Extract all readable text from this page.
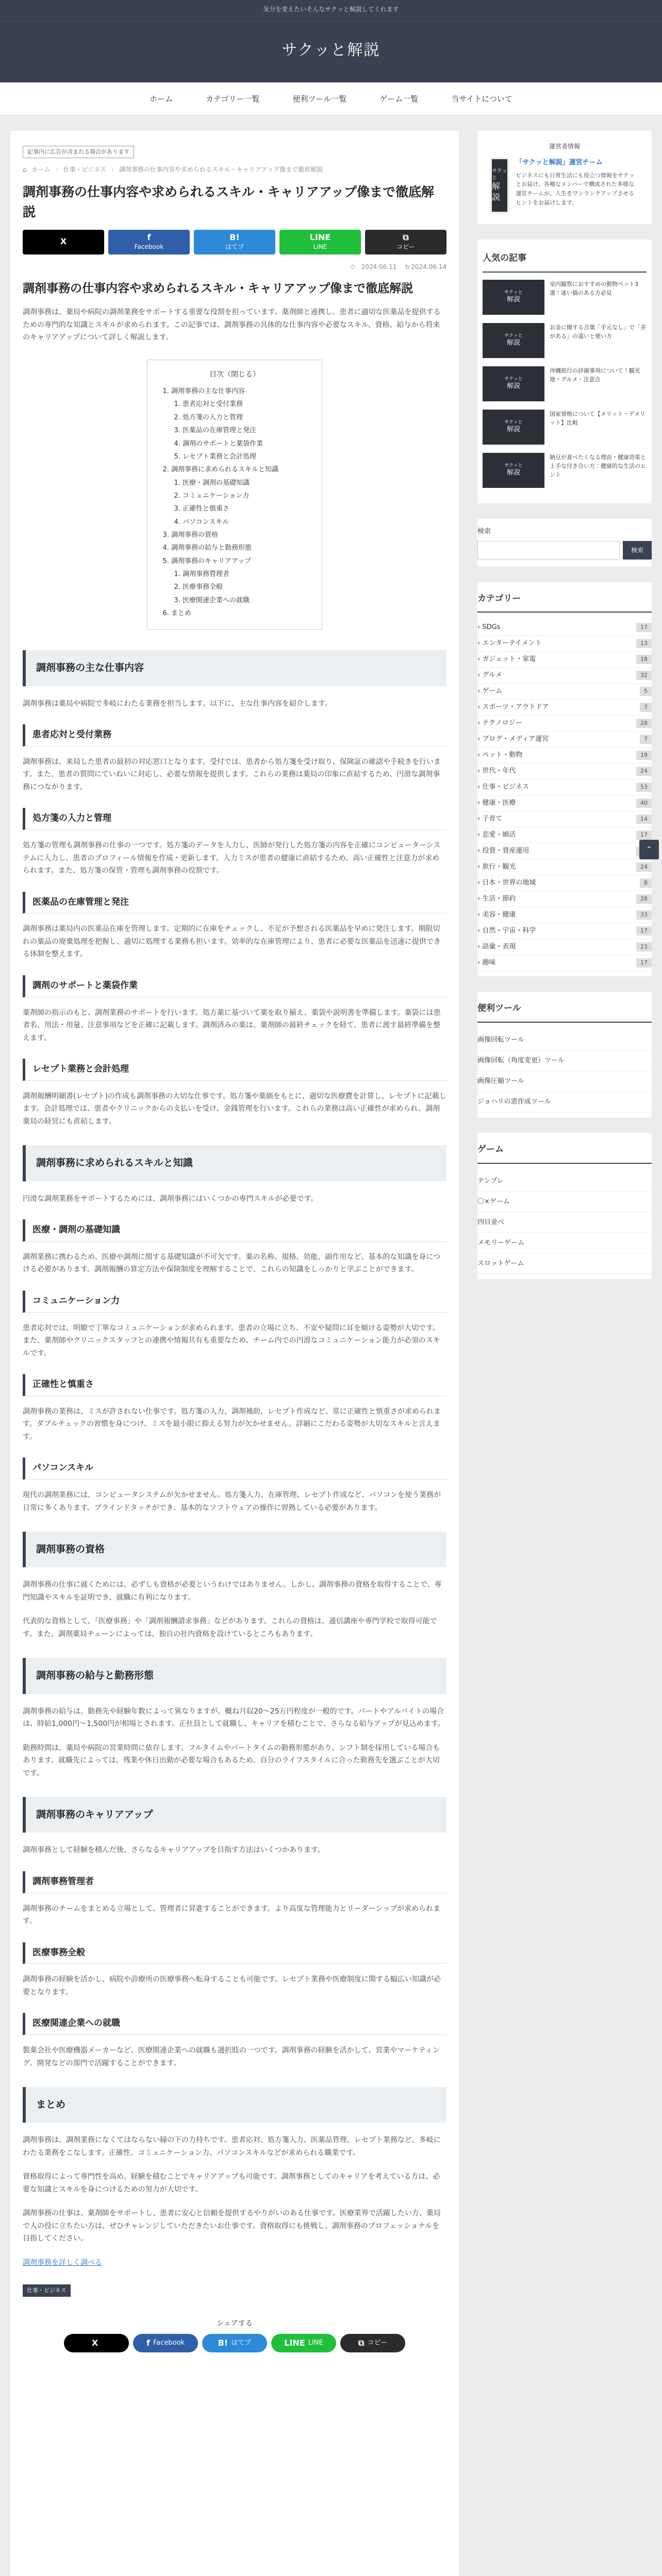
気分を変えたいそんなサクッと解説してくれます
サクッと解説
ホーム	カテゴリー一覧	便利ツール一覧	ゲーム一覧	当サイトについて
記事内に広告が含まれる場合があります
⌂ ホーム › 仕事・ビジネス › 調剤事務の仕事内容や求められるスキル・キャリアアップ像まで徹底解説
調剤事務の仕事内容や求められるスキル・キャリアアップ像まで徹底解説
X	f
Facebook
B!
はてブ
LINE
LINE
⧉
コピー
⏱ 2024.06.11 ↻ 2024.06.14
調剤事務の仕事内容や求められるスキル・キャリアアップ像まで徹底解説

調剤事務は、薬局や病院の調剤業務をサポートする重要な役割を担っています。薬剤師と連携し、患者に適切な医薬品を提供するための専門的な知識とスキルが求められます。この記事では、調剤事務の具体的な仕事内容や必要なスキル、資格、給与から将来のキャリアアップについて詳しく解説します。

目次（閉じる）
1. 調剤事務の主な仕事内容
1. 患者応対と受付業務
2. 処方箋の入力と管理
3. 医薬品の在庫管理と発注
4. 調剤のサポートと薬袋作業
5. レセプト業務と会計処理
2. 調剤事務に求められるスキルと知識
1. 医療・調剤の基礎知識
2. コミュニケーション力
3. 正確性と慎重さ
4. パソコンスキル
3. 調剤事務の資格
4. 調剤事務の給与と勤務形態
5. 調剤事務のキャリアアップ
1. 調剤事務管理者
2. 医療事務全般
3. 医療関連企業への就職
6. まとめ
調剤事務の主な仕事内容

調剤事務は薬局や病院で多岐にわたる業務を担当します。以下に、主な仕事内容を紹介します。

患者応対と受付業務

調剤事務は、来局した患者の最初の対応窓口となります。受付では、患者から処方箋を受け取り、保険証の確認や手続きを行います。また、患者の質問にていねいに対応し、必要な情報を提供します。これらの業務は薬局の印象に直結するため、円滑な調剤事務につながります。

処方箋の入力と管理

処方箋の管理も調剤事務の仕事の一つです。処方箋のデータを入力し、医師が発行した処方箋の内容を正確にコンピューターシステムに入力し、患者のプロフィール情報を作成・更新します。入力ミスが患者の健康に直結するため、高い正確性と注意力が求められます。また、処方箋の保管・管理も調剤事務の役割です。

医薬品の在庫管理と発注

調剤事務は薬局内の医薬品在庫を管理します。定期的に在庫をチェックし、不足が予想される医薬品を早めに発注します。期限切れの薬品の廃棄処理を把握し、適切に処理する業務も担います。効率的な在庫管理により、患者に必要な医薬品を迅速に提供できる体制を整えます。

調剤のサポートと薬袋作業

薬剤師の指示のもと、調剤業務のサポートを行います。処方薬に基づいて薬を取り揃え、薬袋や説明書を準備します。薬袋には患者名、用法・用量、注意事項などを正確に記載します。調剤済みの薬は、薬剤師の最終チェックを経て、患者に渡す最終準備を整えます。

レセプト業務と会計処理

調剤報酬明細書(レセプト)の作成も調剤事務の大切な仕事です。処方箋や薬価をもとに、適切な医療費を計算し、レセプトに記載します。会計処理では、患者やクリニックからの支払いを受け、金銭管理を行います。これらの業務は高い正確性が求められ、調剤薬局の経営にも直結します。

調剤事務に求められるスキルと知識

円滑な調剤業務をサポートするためには、調剤事務にはいくつかの専門スキルが必要です。

医療・調剤の基礎知識

調剤業務に携わるため、医療や調剤に関する基礎知識が不可欠です。薬の名称、規格、効能、副作用など、基本的な知識を身につける必要があります。調剤報酬の算定方法や保険制度を理解することで、これらの知識をしっかりと学ぶことができます。

コミュニケーション力

患者応対では、明瞭で丁寧なコミュニケーションが求められます。患者の立場に立ち、不安や疑問に耳を傾ける姿勢が大切です。また、薬剤師やクリニックスタッフとの連携や情報共有も重要なため、チーム内での円滑なコミュニケーション能力が必須のスキルです。

正確性と慎重さ

調剤事務の業務は、ミスが許されない仕事です。処方箋の入力、調剤補助、レセプト作成など、常に正確性と慎重さが求められます。ダブルチェックの習慣を身につけ、ミスを最小限に抑える努力が欠かせません。詳細にこだわる姿勢が大切なスキルと言えます。

パソコンスキル

現代の調剤業務には、コンピュータシステムが欠かせません。処方箋入力、在庫管理、レセプト作成など、パソコンを使う業務が日常に多くあります。ブラインドタッチができ、基本的なソフトウェアの操作に習熟している必要があります。

調剤事務の資格

調剤事務の仕事に就くためには、必ずしも資格が必要というわけではありません。しかし、調剤事務の資格を取得することで、専門知識やスキルを証明でき、就職に有利になります。

代表的な資格として、「医療事務」や「調剤報酬請求事務」などがあります。これらの資格は、通信講座や専門学校で取得可能です。また、調剤薬局チェーンによっては、独自の社内資格を設けているところもあります。

調剤事務の給与と勤務形態

調剤事務の給与は、勤務先や経験年数によって異なりますが、概ね月収20〜25万円程度が一般的です。パートやアルバイトの場合は、時給1,000円〜1,500円が相場とされます。正社員として就職し、キャリアを積むことで、さらなる給与アップが見込めます。

勤務時間は、薬局や病院の営業時間に依存します。フルタイムやパートタイムの勤務形態があり、シフト制を採用している場合もあります。就職先によっては、残業や休日出勤が必要な場合もあるため、自分のライフスタイルに合った勤務先を選ぶことが大切です。

調剤事務のキャリアアップ

調剤事務として経験を積んだ後、さらなるキャリアアップを目指す方法はいくつかあります。

調剤事務管理者

調剤事務のチームをまとめる立場として、管理者に昇進することができます。より高度な管理能力とリーダーシップが求められます。

医療事務全般

調剤事務の経験を活かし、病院や診療所の医療事務へ転身することも可能です。レセプト業務や医療制度に関する幅広い知識が必要となります。

医療関連企業への就職

製薬会社や医療機器メーカーなど、医療関連企業への就職も選択肢の一つです。調剤事務の経験を活かして、営業やマーケティング、開発などの部門で活躍することができます。

まとめ

調剤事務は、調剤業務になくてはならない縁の下の力持ちです。患者応対、処方箋入力、医薬品管理、レセプト業務など、多岐にわたる業務をこなします。正確性、コミュニケーション力、パソコンスキルなどが求められる職業です。

資格取得によって専門性を高め、経験を積むことでキャリアアップも可能です。調剤事務としてのキャリアを考えている方は、必要な知識とスキルを身につけるための努力が大切です。

調剤事務の仕事は、薬剤師をサポートし、患者に安心と信頼を提供するやりがいのある仕事です。医療業界で活躍したい方、薬局で人の役に立ちたい方は、ぜひチャレンジしていただきたいお仕事です。資格取得にも挑戦し、調剤事務のプロフェッショナルを目指してください。

調剤事務を詳しく調べる
仕事・ビジネス
シェアする
X	f Facebook	B! はてブ	LINE LINE	⧉ コピー
運営者情報
サクッと
解説
「サクッと解説」運営チーム
ビジネスにも日常生活にも役立つ情報をサクッとお届け。各種なメンバーで構成された多様な運営チームが、人生をワンランクアップさせるヒントをお届けします。
人気の記事
サクッと
解説
室内観察におすすめの動物ベット3選！迷い猫のある方必見
サクッと
解説
お金に関する言葉「手元なし」で「差がある」の違いと使い方
サクッと
解説
沖縄旅行の詳細事項について！観光地・グルメ・注意点
サクッと
解説
国家資格について【メリット・デメリット】比較
サクッと
解説
納豆が食べたくなる理由・健康効果と上手な付き合い方：健康的な生活のヒント
検索
検索
カテゴリー
› SDGs	17
› エンターテイメント	13
› ガジェット・家電	18
› グルメ	32
› ゲーム	5
› スポーツ・アウトドア	7
› テクノロジー	28
› ブログ・メディア運営	7
› ペット・動物	19
› 世代・年代	24
› 仕事・ビジネス	53
› 健康・医療	40
› 子育て	14
› 恋愛・婚活	17
› 投資・資産運用
› 旅行・観光	24
› 日本・世界の地域	8
› 生活・節約	28
› 美容・健康	33
› 自然・宇宙・科学	17
› 語彙・表現	23
› 趣味	17
便利ツール
画像回転ツール
画像回転（角度変更）ツール
画像圧縮ツール
ジョハリの窓作成ツール
ゲーム
テンプレ
〇×ゲーム
四目並べ
メモリーゲーム
スロットゲーム
⌃
